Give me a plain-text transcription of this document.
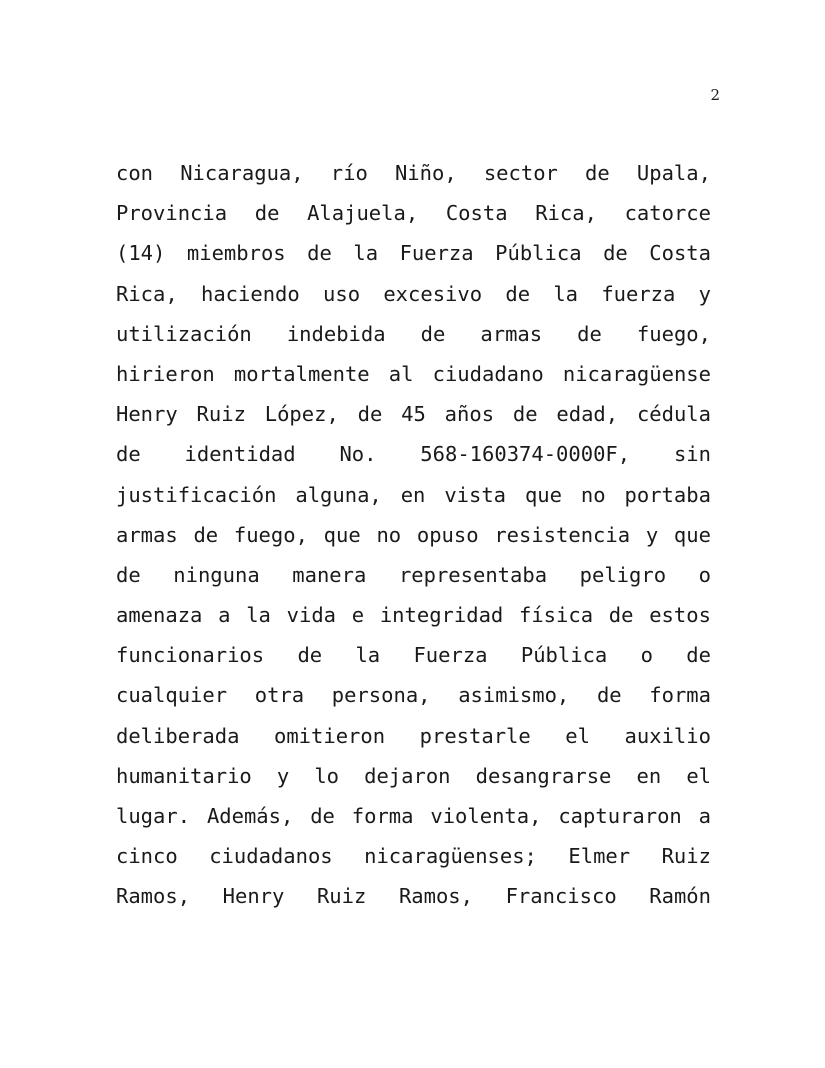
2
con Nicaragua, río Niño, sector de Upala,
Provincia de Alajuela, Costa Rica, catorce
(14) miembros de la Fuerza Pública de Costa
Rica, haciendo uso excesivo de la fuerza y
utilización indebida de armas de fuego,
hirieron mortalmente al ciudadano nicaragüense
Henry Ruiz López, de 45 años de edad, cédula
de identidad No. 568-160374-0000F, sin
justificación alguna, en vista que no portaba
armas de fuego, que no opuso resistencia y que
de ninguna manera representaba peligro o
amenaza a la vida e integridad física de estos
funcionarios de la Fuerza Pública o de
cualquier otra persona, asimismo, de forma
deliberada omitieron prestarle el auxilio
humanitario y lo dejaron desangrarse en el
lugar. Además, de forma violenta, capturaron a
cinco ciudadanos nicaragüenses; Elmer Ruiz
Ramos, Henry Ruiz Ramos, Francisco Ramón
